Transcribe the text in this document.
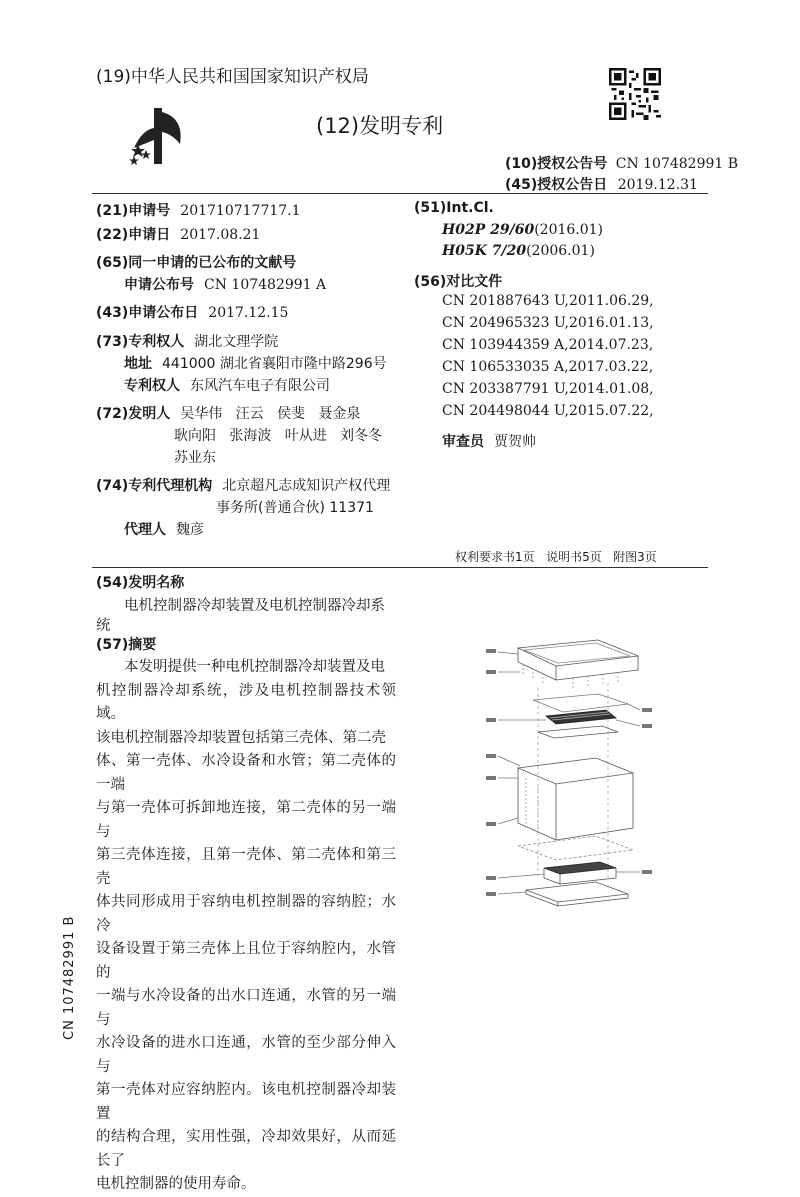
(19)中华人民共和国国家知识产权局
(12)发明专利
(10)授权公告号 CN 107482991 B
(45)授权公告日 2019.12.31
(21)申请号 201710717717.1
(22)申请日 2017.08.21
(65)同一申请的已公布的文献号
申请公布号 CN 107482991 A
(43)申请公布日 2017.12.15
(73)专利权人 湖北文理学院
地址 441000 湖北省襄阳市隆中路296号
专利权人 东风汽车电子有限公司
(72)发明人 吴华伟   汪云   侯斐   聂金泉
耿向阳   张海波   叶从进   刘冬冬
苏业东
(74)专利代理机构 北京超凡志成知识产权代理
事务所(普通合伙) 11371
代理人 魏彦
(51)Int.Cl.
H02P 29/60(2016.01)
H05K 7/20(2006.01)
(56)对比文件
CN 201887643 U,2011.06.29,
CN 204965323 U,2016.01.13,
CN 103944359 A,2014.07.23,
CN 106533035 A,2017.03.22,
CN 203387791 U,2014.01.08,
CN 204498044 U,2015.07.22,
审查员 贾贺帅
权利要求书1页   说明书5页   附图3页
(54)发明名称
电机控制器冷却装置及电机控制器冷却系
统
(57)摘要

本发明提供一种电机控制器冷却装置及电

机控制器冷却系统，涉及电机控制器技术领域。

该电机控制器冷却装置包括第三壳体、第二壳

体、第一壳体、水冷设备和水管；第二壳体的一端

与第一壳体可拆卸地连接，第二壳体的另一端与

第三壳体连接，且第一壳体、第二壳体和第三壳

体共同形成用于容纳电机控制器的容纳腔；水冷

设备设置于第三壳体上且位于容纳腔内，水管的

一端与水冷设备的出水口连通，水管的另一端与

水冷设备的进水口连通，水管的至少部分伸入与

第一壳体对应容纳腔内。该电机控制器冷却装置

的结构合理，实用性强，冷却效果好，从而延长了

电机控制器的使用寿命。

CN 107482991 B
